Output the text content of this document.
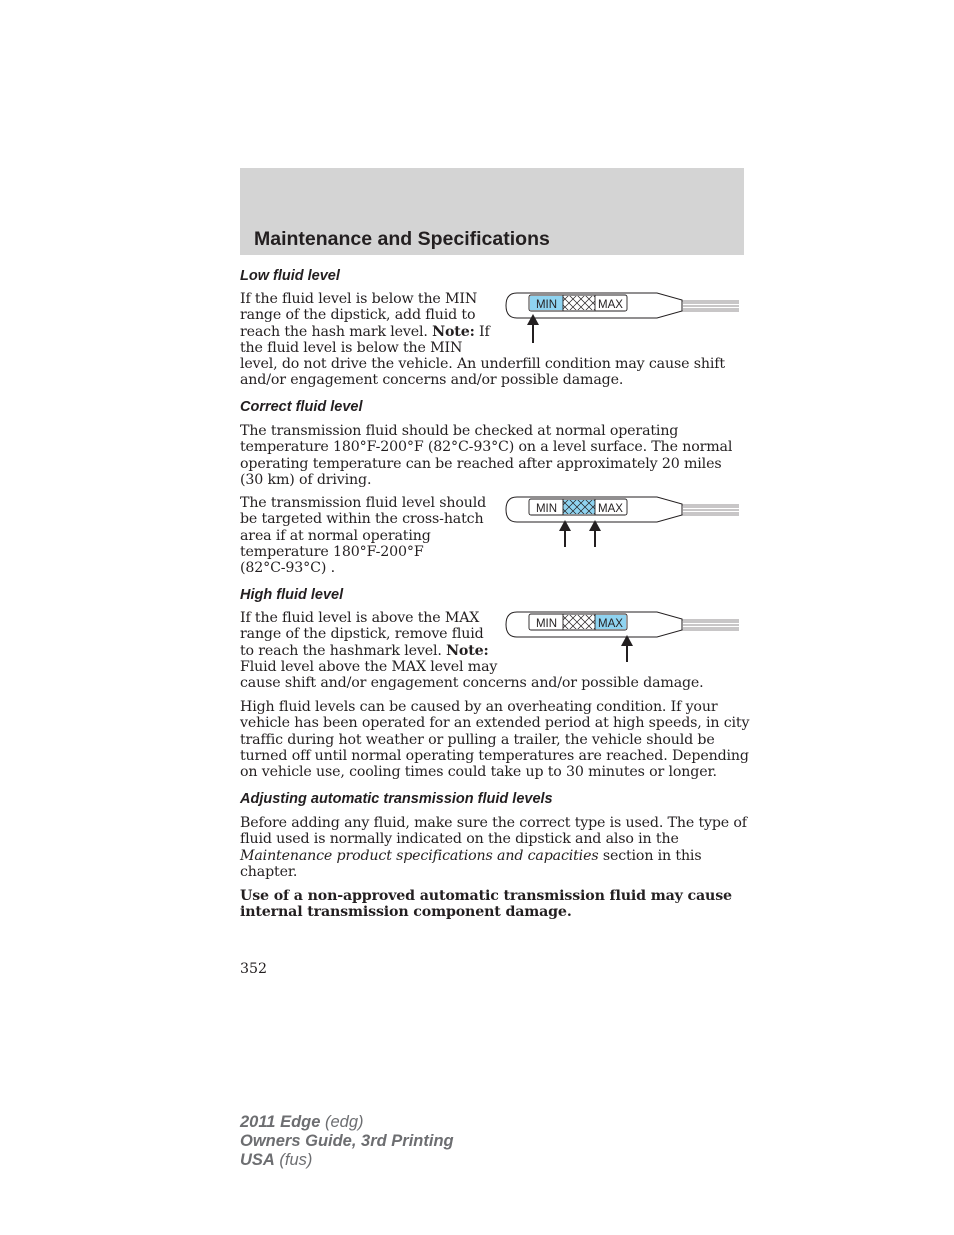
Maintenance and Specifications
Low fluid level

If the fluid level is below the MIN
range of the dipstick, add fluid to
reach the hash mark level. Note: If
the fluid level is below the MIN
level, do not drive the vehicle. An underfill condition may cause shift
and/or engagement concerns and/or possible damage.

MIN	MAX
Correct fluid level

The transmission fluid should be checked at normal operating
temperature 180°F-200°F (82°C-93°C) on a level surface. The normal
operating temperature can be reached after approximately 20 miles
(30 km) of driving.

The transmission fluid level should
be targeted within the cross-hatch
area if at normal operating
temperature 180°F-200°F
(82°C-93°C) .

MIN	MAX
High fluid level

If the fluid level is above the MAX
range of the dipstick, remove fluid
to reach the hashmark level. Note:
Fluid level above the MAX level may
cause shift and/or engagement concerns and/or possible damage.

MIN	MAX

High fluid levels can be caused by an overheating condition. If your
vehicle has been operated for an extended period at high speeds, in city
traffic during hot weather or pulling a trailer, the vehicle should be
turned off until normal operating temperatures are reached. Depending
on vehicle use, cooling times could take up to 30 minutes or longer.

Adjusting automatic transmission fluid levels

Before adding any fluid, make sure the correct type is used. The type of
fluid used is normally indicated on the dipstick and also in the
Maintenance product specifications and capacities section in this
chapter.

Use of a non-approved automatic transmission fluid may cause
internal transmission component damage.

352

2011 Edge (edg)
Owners Guide, 3rd Printing
USA (fus)
